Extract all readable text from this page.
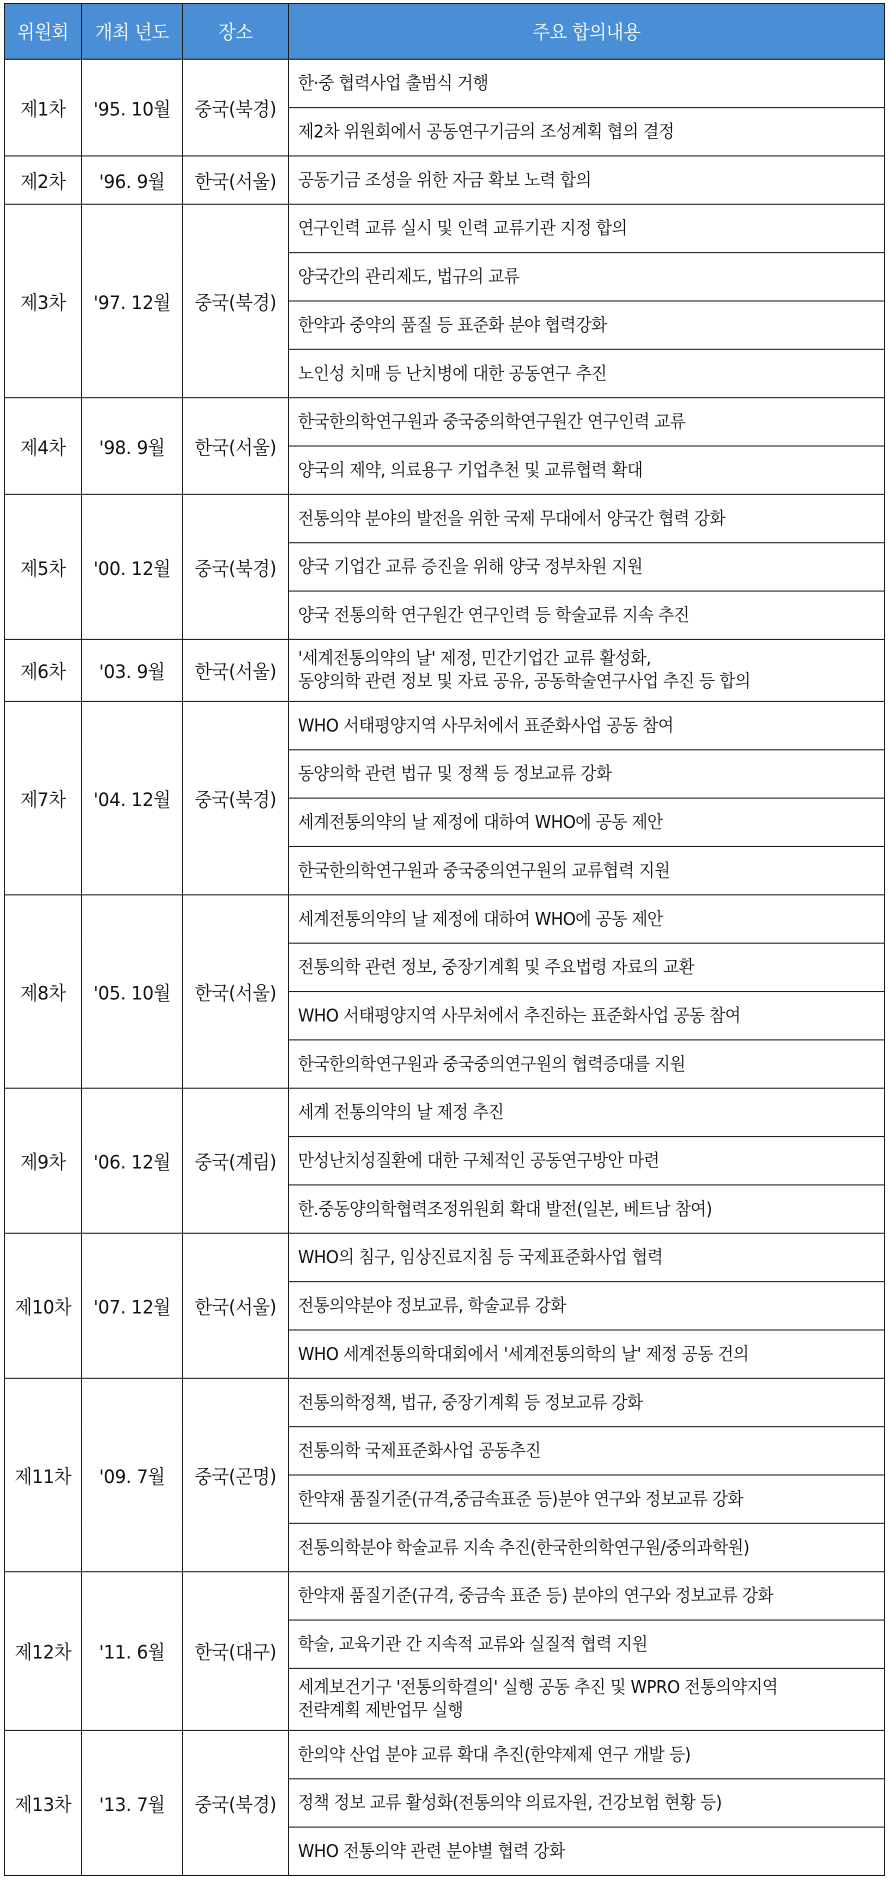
위원회	개최 년도	장소	주요 합의내용
제1차	'95. 10월	중국(북경)	한·중 협력사업 출범식 거행
			제2차 위원회에서 공동연구기금의 조성계획 협의 결정
제2차	'96. 9월	한국(서울)	공동기금 조성을 위한 자금 확보 노력 합의
제3차	'97. 12월	중국(북경)	연구인력 교류 실시 및 인력 교류기관 지정 합의
			양국간의 관리제도, 법규의 교류
			한약과 중약의 품질 등 표준화 분야 협력강화
			노인성 치매 등 난치병에 대한 공동연구 추진
제4차	'98. 9월	한국(서울)	한국한의학연구원과 중국중의학연구원간 연구인력 교류
			양국의 제약, 의료용구 기업추천 및 교류협력 확대
제5차	'00. 12월	중국(북경)	전통의약 분야의 발전을 위한 국제 무대에서 양국간 협력 강화
			양국 기업간 교류 증진을 위해 양국 정부차원 지원
			양국 전통의학 연구원간 연구인력 등 학술교류 지속 추진
제6차	'03. 9월	한국(서울)	'세계전통의약의 날' 제정, 민간기업간 교류 활성화,
동양의학 관련 정보 및 자료 공유, 공동학술연구사업 추진 등 합의

제7차	'04. 12월	중국(북경)	WHO 서태평양지역 사무처에서 표준화사업 공동 참여
			동양의학 관련 법규 및 정책 등 정보교류 강화
			세계전통의약의 날 제정에 대하여 WHO에 공동 제안
			한국한의학연구원과 중국중의연구원의 교류협력 지원
제8차	'05. 10월	한국(서울)	세계전통의약의 날 제정에 대하여 WHO에 공동 제안
			전통의학 관련 정보, 중장기계획 및 주요법령 자료의 교환
			WHO 서태평양지역 사무처에서 추진하는 표준화사업 공동 참여
			한국한의학연구원과 중국중의연구원의 협력증대를 지원
제9차	'06. 12월	중국(계림)	세계 전통의약의 날 제정 추진
			만성난치성질환에 대한 구체적인 공동연구방안 마련
			한.중동양의학협력조정위원회 확대 발전(일본, 베트남 참여)
제10차	'07. 12월	한국(서울)	WHO의 침구, 임상진료지침 등 국제표준화사업 협력
			전통의약분야 정보교류, 학술교류 강화
			WHO 세계전통의학대회에서 '세계전통의학의 날' 제정 공동 건의
제11차	'09. 7월	중국(곤명)	전통의학정책, 법규, 중장기계획 등 정보교류 강화
			전통의학 국제표준화사업 공동추진
			한약재 품질기준(규격,중금속표준 등)분야 연구와 정보교류 강화
			전통의학분야 학술교류 지속 추진(한국한의학연구원/중의과학원)
제12차	'11. 6월	한국(대구)	한약재 품질기준(규격, 중금속 표준 등) 분야의 연구와 정보교류 강화
			학술, 교육기관 간 지속적 교류와 실질적 협력 지원

			세계보건기구 '전통의학결의' 실행 공동 추진 및 WPRO 전통의약지역
전략계획 제반업무 실행

제13차	'13. 7월	중국(북경)	한의약 산업 분야 교류 확대 추진(한약제제 연구 개발 등)
			정책 정보 교류 활성화(전통의약 의료자원, 건강보험 현황 등)
			WHO 전통의약 관련 분야별 협력 강화
